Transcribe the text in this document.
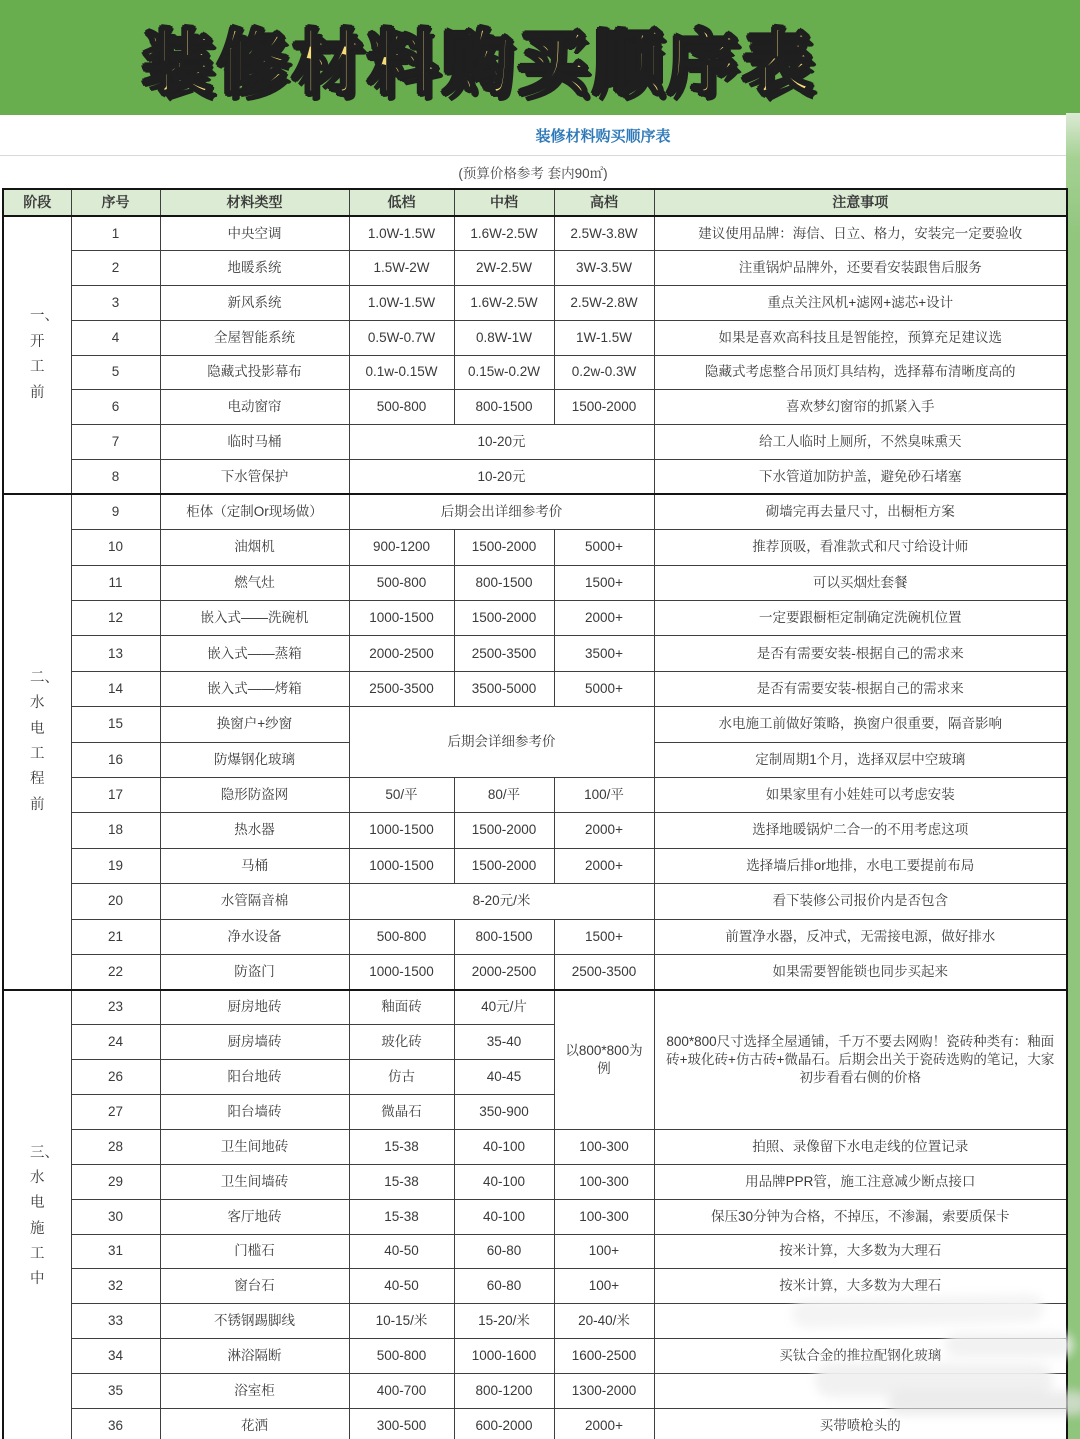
装修材料购买顺序表
装修材料购买顺序表
(预算价格参考 套内90㎡)
阶段	序号	材料类型	低档	中档	高档	注意事项
一、开工前	1	中央空调	1.0W-1.5W	1.6W-2.5W	2.5W-3.8W	建议使用品牌：海信、日立、格力，安装完一定要验收
	2	地暖系统	1.5W-2W	2W-2.5W	3W-3.5W	注重锅炉品牌外，还要看安装跟售后服务
	3	新风系统	1.0W-1.5W	1.6W-2.5W	2.5W-2.8W	重点关注风机+滤网+滤芯+设计
	4	全屋智能系统	0.5W-0.7W	0.8W-1W	1W-1.5W	如果是喜欢高科技且是智能控，预算充足建议选
	5	隐藏式投影幕布	0.1w-0.15W	0.15w-0.2W	0.2w-0.3W	隐藏式考虑整合吊顶灯具结构，选择幕布清晰度高的
	6	电动窗帘	500-800	800-1500	1500-2000	喜欢梦幻窗帘的抓紧入手
	7	临时马桶	10-20元			给工人临时上厕所，不然臭味熏天
	8	下水管保护	10-20元			下水管道加防护盖，避免砂石堵塞
二、水电工程前	9	柜体（定制Or现场做）	后期会出详细参考价			砌墙完再去量尺寸，出橱柜方案
	10	油烟机	900-1200	1500-2000	5000+	推荐顶吸，看准款式和尺寸给设计师
	11	燃气灶	500-800	800-1500	1500+	可以买烟灶套餐
	12	嵌入式——洗碗机	1000-1500	1500-2000	2000+	一定要跟橱柜定制确定洗碗机位置
	13	嵌入式——蒸箱	2000-2500	2500-3500	3500+	是否有需要安装-根据自己的需求来
	14	嵌入式——烤箱	2500-3500	3500-5000	5000+	是否有需要安装-根据自己的需求来
	15	换窗户+纱窗	后期会详细参考价			水电施工前做好策略，换窗户很重要，隔音影响
	16	防爆钢化玻璃				定制周期1个月，选择双层中空玻璃
	17	隐形防盗网	50/平	80/平	100/平	如果家里有小娃娃可以考虑安装
	18	热水器	1000-1500	1500-2000	2000+	选择地暖锅炉二合一的不用考虑这项
	19	马桶	1000-1500	1500-2000	2000+	选择墙后排or地排，水电工要提前布局
	20	水管隔音棉	8-20元/米			看下装修公司报价内是否包含
	21	净水设备	500-800	800-1500	1500+	前置净水器，反冲式，无需接电源，做好排水
	22	防盗门	1000-1500	2000-2500	2500-3500	如果需要智能锁也同步买起来
三、水电施工中	23	厨房地砖	釉面砖	40元/片	以800*800为例	800*800尺寸选择全屋通铺，千万不要去网购！瓷砖种类有：釉面砖+玻化砖+仿古砖+微晶石。后期会出关于瓷砖选购的笔记，大家初步看看右侧的价格
	24	厨房墙砖	玻化砖	35-40		
	26	阳台地砖	仿古	40-45		
	27	阳台墙砖	微晶石	350-900		
	28	卫生间地砖	15-38	40-100	100-300	拍照、录像留下水电走线的位置记录
	29	卫生间墙砖	15-38	40-100	100-300	用品牌PPR管，施工注意减少断点接口
	30	客厅地砖	15-38	40-100	100-300	保压30分钟为合格，不掉压，不渗漏，索要质保卡
	31	门槛石	40-50	60-80	100+	按米计算，大多数为大理石
	32	窗台石	40-50	60-80	100+	按米计算，大多数为大理石
	33	不锈钢踢脚线	10-15/米	15-20/米	20-40/米	
	34	淋浴隔断	500-800	1000-1600	1600-2500	买钛合金的推拉配钢化玻璃
	35	浴室柜	400-700	800-1200	1300-2000	
	36	花洒	300-500	600-2000	2000+	买带喷枪头的
